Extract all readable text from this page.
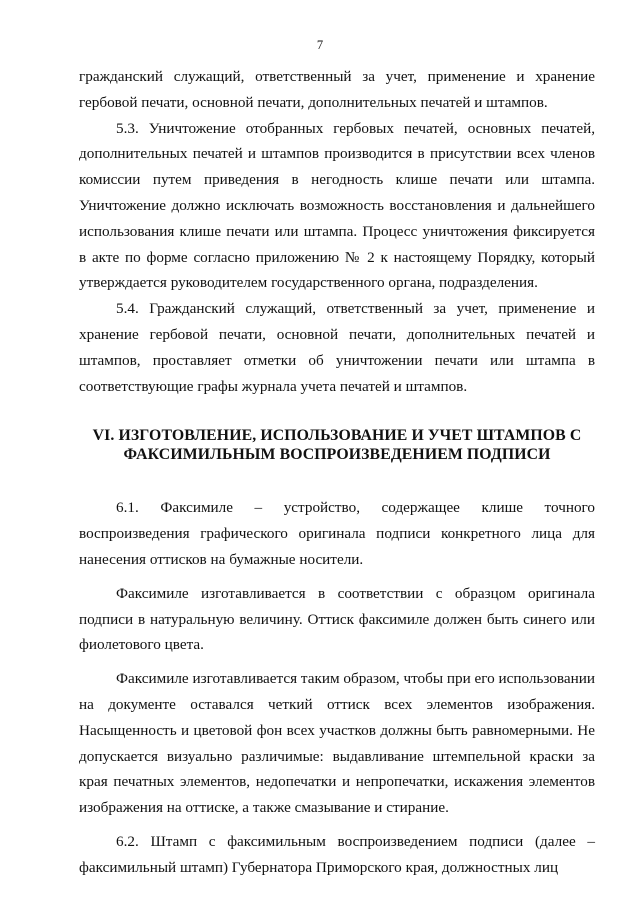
7

гражданский служащий, ответственный за учет, применение и хранение гербовой печати, основной печати, дополнительных печатей и штампов.

5.3. Уничтожение отобранных гербовых печатей, основных печатей, дополнительных печатей и штампов производится в присутствии всех членов комиссии путем приведения в негодность клише печати или штампа. Уничтожение должно исключать возможность восстановления и дальнейшего использования клише печати или штампа. Процесс уничтожения фиксируется в акте по форме согласно приложению № 2 к настоящему Порядку, который утверждается руководителем государственного органа, подразделения.

5.4. Гражданский служащий, ответственный за учет, применение и хранение гербовой печати, основной печати, дополнительных печатей и штампов, проставляет отметки об уничтожении печати или штампа в соответствующие графы журнала учета печатей и штампов.

VI. ИЗГОТОВЛЕНИЕ, ИСПОЛЬЗОВАНИЕ И УЧЕТ ШТАМПОВ С ФАКСИМИЛЬНЫМ ВОСПРОИЗВЕДЕНИЕМ ПОДПИСИ

6.1. Факсимиле – устройство, содержащее клише точного воспроизведения графического оригинала подписи конкретного лица для нанесения оттисков на бумажные носители.

Факсимиле изготавливается в соответствии с образцом оригинала подписи в натуральную величину. Оттиск факсимиле должен быть синего или фиолетового цвета.

Факсимиле изготавливается таким образом, чтобы при его использовании на документе оставался четкий оттиск всех элементов изображения. Насыщенность и цветовой фон всех участков должны быть равномерными. Не допускается визуально различимые: выдавливание штемпельной краски за края печатных элементов, недопечатки и непропечатки, искажения элементов изображения на оттиске, а также смазывание и стирание.

6.2. Штамп с факсимильным воспроизведением подписи (далее – факсимильный штамп) Губернатора Приморского края, должностных лиц
